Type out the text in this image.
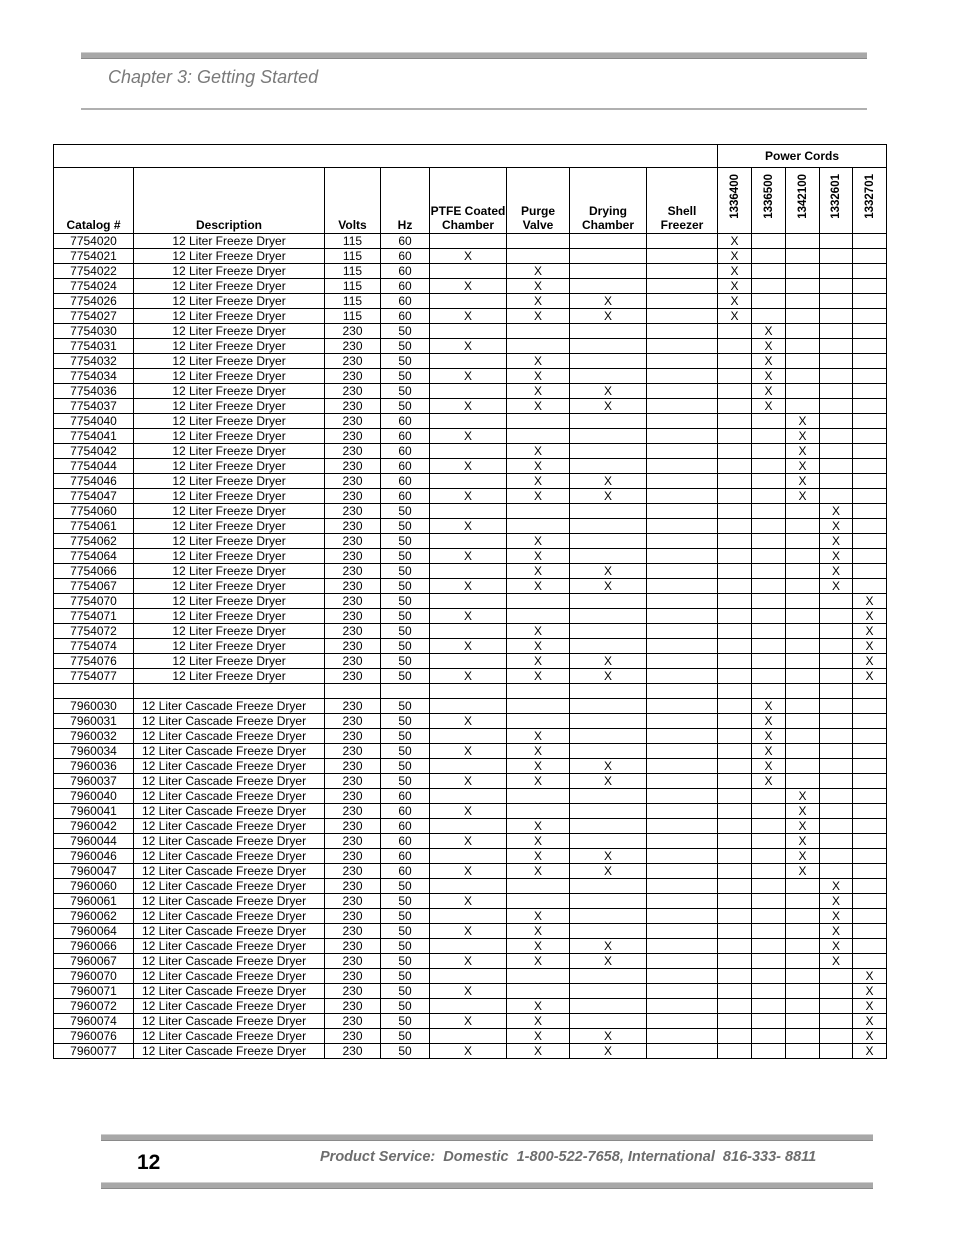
Chapter 3: Getting Started
								Power Cords				
Catalog #	Description	Volts	Hz	PTFE Coated Chamber	Purge Valve	Drying Chamber	Shell Freezer	1336400	1336500	1342100	1332601	1332701
7754020	12 Liter Freeze Dryer	115	60					X				
7754021	12 Liter Freeze Dryer	115	60	X				X				
7754022	12 Liter Freeze Dryer	115	60		X			X				
7754024	12 Liter Freeze Dryer	115	60	X	X			X				
7754026	12 Liter Freeze Dryer	115	60		X	X		X				
7754027	12 Liter Freeze Dryer	115	60	X	X	X		X				
7754030	12 Liter Freeze Dryer	230	50						X			
7754031	12 Liter Freeze Dryer	230	50	X					X			
7754032	12 Liter Freeze Dryer	230	50		X				X			
7754034	12 Liter Freeze Dryer	230	50	X	X				X			
7754036	12 Liter Freeze Dryer	230	50		X	X			X			
7754037	12 Liter Freeze Dryer	230	50	X	X	X			X			
7754040	12 Liter Freeze Dryer	230	60							X		
7754041	12 Liter Freeze Dryer	230	60	X						X		
7754042	12 Liter Freeze Dryer	230	60		X					X		
7754044	12 Liter Freeze Dryer	230	60	X	X					X		
7754046	12 Liter Freeze Dryer	230	60		X	X				X		
7754047	12 Liter Freeze Dryer	230	60	X	X	X				X		
7754060	12 Liter Freeze Dryer	230	50								X	
7754061	12 Liter Freeze Dryer	230	50	X							X	
7754062	12 Liter Freeze Dryer	230	50		X						X	
7754064	12 Liter Freeze Dryer	230	50	X	X						X	
7754066	12 Liter Freeze Dryer	230	50		X	X					X	
7754067	12 Liter Freeze Dryer	230	50	X	X	X					X	
7754070	12 Liter Freeze Dryer	230	50									X
7754071	12 Liter Freeze Dryer	230	50	X								X
7754072	12 Liter Freeze Dryer	230	50		X							X
7754074	12 Liter Freeze Dryer	230	50	X	X							X
7754076	12 Liter Freeze Dryer	230	50		X	X						X
7754077	12 Liter Freeze Dryer	230	50	X	X	X						X

7960030	12 Liter Cascade Freeze Dryer	230	50						X			
7960031	12 Liter Cascade Freeze Dryer	230	50	X					X			
7960032	12 Liter Cascade Freeze Dryer	230	50		X				X			
7960034	12 Liter Cascade Freeze Dryer	230	50	X	X				X			
7960036	12 Liter Cascade Freeze Dryer	230	50		X	X			X			
7960037	12 Liter Cascade Freeze Dryer	230	50	X	X	X			X			
7960040	12 Liter Cascade Freeze Dryer	230	60							X		
7960041	12 Liter Cascade Freeze Dryer	230	60	X						X		
7960042	12 Liter Cascade Freeze Dryer	230	60		X					X		
7960044	12 Liter Cascade Freeze Dryer	230	60	X	X					X		
7960046	12 Liter Cascade Freeze Dryer	230	60		X	X				X		
7960047	12 Liter Cascade Freeze Dryer	230	60	X	X	X				X		
7960060	12 Liter Cascade Freeze Dryer	230	50								X	
7960061	12 Liter Cascade Freeze Dryer	230	50	X							X	
7960062	12 Liter Cascade Freeze Dryer	230	50		X						X	
7960064	12 Liter Cascade Freeze Dryer	230	50	X	X						X	
7960066	12 Liter Cascade Freeze Dryer	230	50		X	X					X	
7960067	12 Liter Cascade Freeze Dryer	230	50	X	X	X					X	
7960070	12 Liter Cascade Freeze Dryer	230	50									X
7960071	12 Liter Cascade Freeze Dryer	230	50	X								X
7960072	12 Liter Cascade Freeze Dryer	230	50		X							X
7960074	12 Liter Cascade Freeze Dryer	230	50	X	X							X
7960076	12 Liter Cascade Freeze Dryer	230	50		X	X						X
7960077	12 Liter Cascade Freeze Dryer	230	50	X	X	X						X
12	Product Service:  Domestic  1-800-522-7658, International  816-333- 8811
